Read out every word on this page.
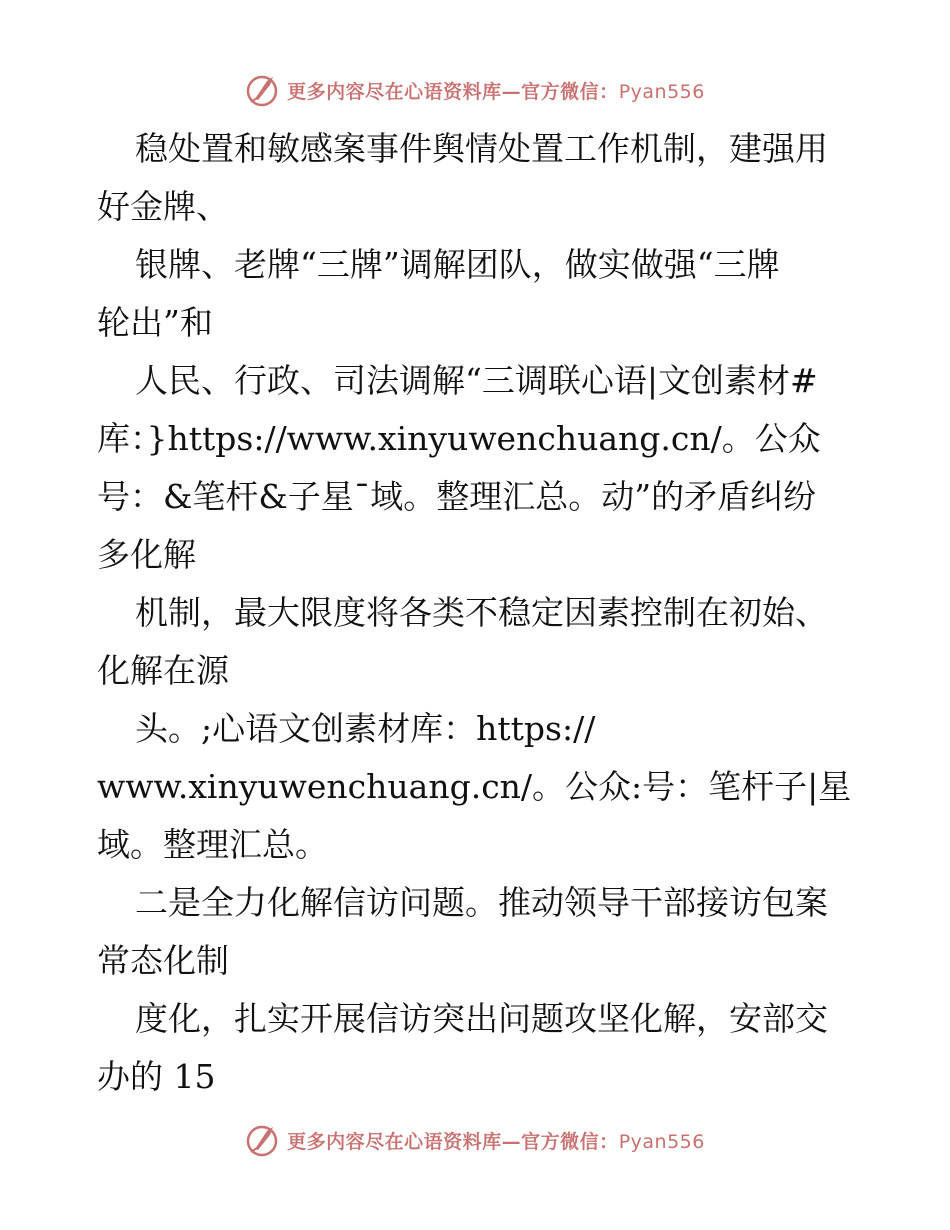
更多内容尽在心语资料库—官方微信：Pyan556
稳处置和敏感案事件舆情处置工作机制，建强用
好金牌、
银牌、老牌“三牌”调解团队，做实做强“三牌
轮出”和
人民、行政、司法调解“三调联心语|文创素材#
库：}https://www.xinyuwenchuang.cn/。公众
号：&笔杆&子星¯域。整理汇总。动”的矛盾纠纷
多化解
机制，最大限度将各类不稳定因素控制在初始、
化解在源
头。;心语文创素材库：https://
www.xinyuwenchuang.cn/。公众:号：笔杆子|星
域。整理汇总。
二是全力化解信访问题。推动领导干部接访包案
常态化制
度化，扎实开展信访突出问题攻坚化解，安部交
办的 15
更多内容尽在心语资料库—官方微信：Pyan556
